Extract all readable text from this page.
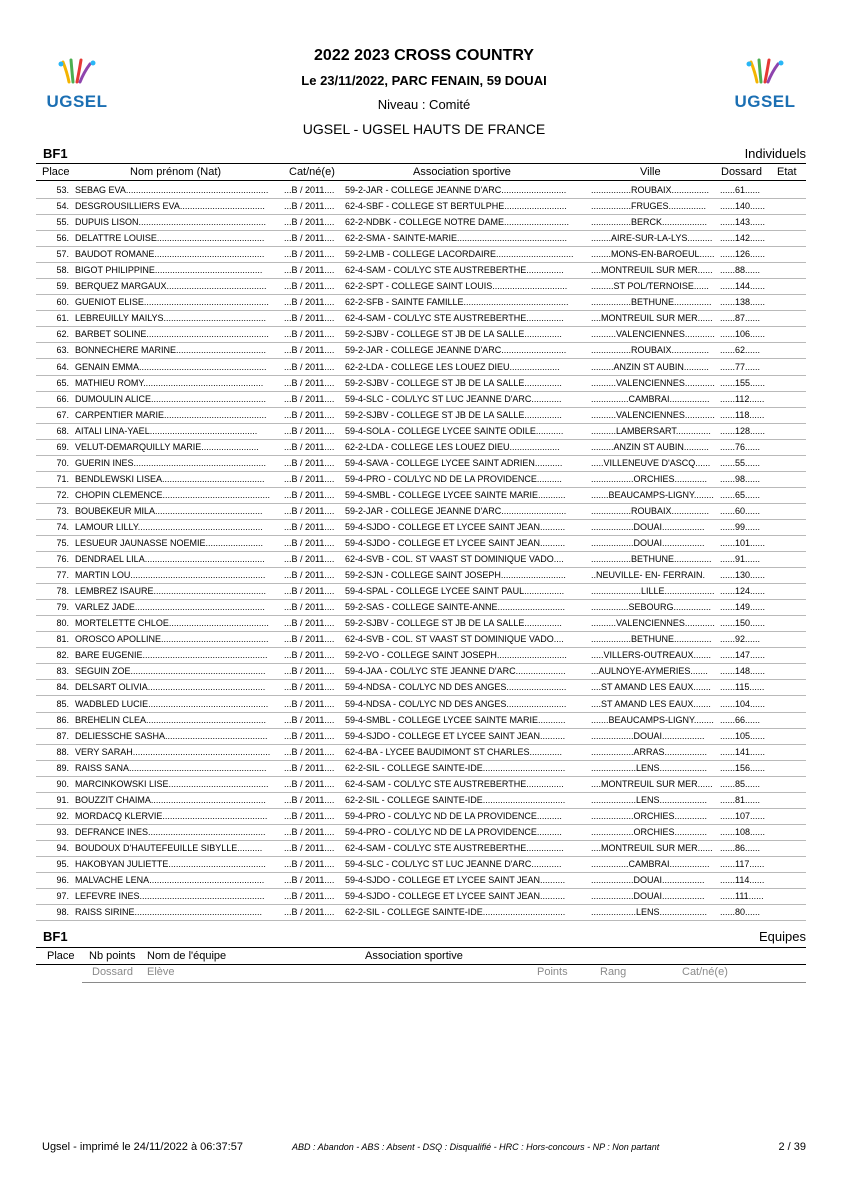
UGSEL	UGSEL
2022 2023 CROSS COUNTRY
Le 23/11/2022, PARC FENAIN, 59 DOUAI
Niveau : Comité
UGSEL - UGSEL HAUTS DE FRANCE
BF1	Individuels
Place	Nom prénom (Nat)	Cat/né(e)	Association sportive	Ville	Dossard Etat
53. SEBAG EVA.........................................................	...B / 2011....	59-2-JAR - COLLEGE JEANNE D'ARC..........................	................ROUBAIX...............	......61......
54. DESGROUSILLIERS EVA..................................	...B / 2011....	62-4-SBF - COLLEGE ST BERTULPHE.........................	................FRUGES...............	......140......
55. DUPUIS LISON...................................................	...B / 2011....	62-2-NDBK - COLLEGE NOTRE DAME..........................	................BERCK..................	......143......
56. DELATTRE LOUISE...........................................	...B / 2011....	62-2-SMA - SAINTE-MARIE............................................	........AIRE-SUR-LA-LYS.......... ......142......
57. BAUDOT ROMANE............................................	...B / 2011....	59-2-LMB - COLLEGE LACORDAIRE...............................	........MONS-EN-BAROEUL...... ......126......
58. BIGOT PHILIPPINE...........................................	...B / 2011....	62-4-SAM - COL/LYC STE AUSTREBERTHE...............	....MONTREUIL SUR MER...... ......88......
59. BERQUEZ MARGAUX........................................	...B / 2011....	62-2-SPT - COLLEGE SAINT LOUIS..............................	.........ST POL/TERNOISE......	......144......
60. GUENIOT ELISE..................................................	...B / 2011....	62-2-SFB - SAINTE FAMILLE..........................................	................BETHUNE............... ......138......
61. LEBREUILLY MAILYS.........................................	...B / 2011....	62-4-SAM - COL/LYC STE AUSTREBERTHE...............	....MONTREUIL SUR MER...... ......87......
62. BARBET SOLINE.................................................	...B / 2011....	59-2-SJBV - COLLEGE ST JB DE LA SALLE...............	..........VALENCIENNES............ ......106......
63. BONNECHERE MARINE....................................	...B / 2011....	59-2-JAR - COLLEGE JEANNE D'ARC..........................	................ROUBAIX...............	......62......
64. GENAIN EMMA...................................................	...B / 2011....	62-2-LDA - COLLEGE LES LOUEZ DIEU....................	.........ANZIN ST AUBIN..........	......77......
65. MATHIEU ROMY................................................	...B / 2011....	59-2-SJBV - COLLEGE ST JB DE LA SALLE...............	..........VALENCIENNES............ ......155......
66. DUMOULIN ALICE..............................................	...B / 2011....	59-4-SLC - COL/LYC ST LUC JEANNE D'ARC............	...............CAMBRAI................	......112......
67. CARPENTIER MARIE.........................................	...B / 2011....	59-2-SJBV - COLLEGE ST JB DE LA SALLE...............	..........VALENCIENNES............ ......118......
68. AITALI LINA-YAEL...........................................	...B / 2011....	59-4-SOLA - COLLEGE LYCEE SAINTE ODILE...........	..........LAMBERSART..............	......128......
69. VELUT-DEMARQUILLY MARIE.......................	...B / 2011....	62-2-LDA - COLLEGE LES LOUEZ DIEU....................	.........ANZIN ST AUBIN..........	......76......
70. GUERIN INES.....................................................	...B / 2011....	59-4-SAVA - COLLEGE LYCEE SAINT ADRIEN...........	.....VILLENEUVE D'ASCQ......	......55......
71. BENDLEWSKI LISEA.........................................	...B / 2011....	59-4-PRO - COL/LYC ND DE LA PROVIDENCE..........	.................ORCHIES.............	......98......
72. CHOPIN CLEMENCE...........................................	...B / 2011....	59-4-SMBL - COLLEGE LYCEE SAINTE MARIE...........	.......BEAUCAMPS-LIGNY........ ......65......
73. BOUBEKEUR MILA...........................................	...B / 2011....	59-2-JAR - COLLEGE JEANNE D'ARC..........................	................ROUBAIX...............	......60......
74. LAMOUR LILLY..................................................	...B / 2011....	59-4-SJDO - COLLEGE ET LYCEE SAINT JEAN..........	.................DOUAI.................	......99......
75. LESUEUR JAUNASSE NOEMIE.......................	...B / 2011....	59-4-SJDO - COLLEGE ET LYCEE SAINT JEAN..........	.................DOUAI.................	......101......
76. DENDRAEL LILA................................................	...B / 2011....	62-4-SVB - COL. ST VAAST ST DOMINIQUE VADO....	................BETHUNE............... ......91......
77. MARTIN LOU......................................................	...B / 2011....	59-2-SJN - COLLEGE SAINT JOSEPH..........................	..NEUVILLE- EN- FERRAIN.	......130......
78. LEMBREZ ISAURE.............................................	...B / 2011....	59-4-SPAL - COLLEGE LYCEE SAINT PAUL................	....................LILLE.................... ......124......
79. VARLEZ JADE....................................................	...B / 2011....	59-2-SAS - COLLEGE SAINTE-ANNE...........................	...............SEBOURG............... ......149......
80. MORTELETTE CHLOE........................................	...B / 2011....	59-2-SJBV - COLLEGE ST JB DE LA SALLE...............	..........VALENCIENNES............ ......150......
81. OROSCO APOLLINE...........................................	...B / 2011....	62-4-SVB - COL. ST VAAST ST DOMINIQUE VADO....	................BETHUNE............... ......92......
82. BARE EUGENIE..................................................	...B / 2011....	59-2-VO - COLLEGE SAINT JOSEPH............................	.....VILLERS-OUTREAUX....... ......147......
83. SEGUIN ZOE......................................................	...B / 2011....	59-4-JAA - COL/LYC STE JEANNE D'ARC....................	...AULNOYE-AYMERIES.......	......148......
84. DELSART OLIVIA...............................................	...B / 2011....	59-4-NDSA - COL/LYC ND DES ANGES........................	....ST AMAND LES EAUX.......	......115......
85. WADBLED LUCIE................................................	...B / 2011....	59-4-NDSA - COL/LYC ND DES ANGES........................	....ST AMAND LES EAUX.......	......104......
86. BREHELIN CLEA................................................	...B / 2011....	59-4-SMBL - COLLEGE LYCEE SAINTE MARIE...........	.......BEAUCAMPS-LIGNY........ ......66......
87. DELIESSCHE SASHA.........................................	...B / 2011....	59-4-SJDO - COLLEGE ET LYCEE SAINT JEAN..........	.................DOUAI.................	......105......
88. VERY SARAH.......................................................	...B / 2011....	62-4-BA - LYCEE BAUDIMONT ST CHARLES.............	.................ARRAS.................	......141......
89. RAISS SANA.......................................................	...B / 2011....	62-2-SIL - COLLEGE SAINTE-IDE.................................	..................LENS...................	......156......
90. MARCINKOWSKI LISE........................................	...B / 2011....	62-4-SAM - COL/LYC STE AUSTREBERTHE...............	....MONTREUIL SUR MER...... ......85......
91. BOUZZIT CHAIMA..............................................	...B / 2011....	62-2-SIL - COLLEGE SAINTE-IDE.................................	..................LENS...................	......81......
92. MORDACQ KLERVIE..........................................	...B / 2011....	59-4-PRO - COL/LYC ND DE LA PROVIDENCE..........	.................ORCHIES.............	......107......
93. DEFRANCE INES...............................................	...B / 2011....	59-4-PRO - COL/LYC ND DE LA PROVIDENCE..........	.................ORCHIES.............	......108......
94. BOUDOUX D'HAUTEFEUILLE SIBYLLE..........	...B / 2011....	62-4-SAM - COL/LYC STE AUSTREBERTHE...............	....MONTREUIL SUR MER...... ......86......
95. HAKOBYAN JULIETTE.......................................	...B / 2011....	59-4-SLC - COL/LYC ST LUC JEANNE D'ARC............	...............CAMBRAI................	......117......
96. MALVACHE LENA..............................................	...B / 2011....	59-4-SJDO - COLLEGE ET LYCEE SAINT JEAN..........	.................DOUAI.................	......114......
97. LEFEVRE INES..................................................	...B / 2011....	59-4-SJDO - COLLEGE ET LYCEE SAINT JEAN..........	.................DOUAI.................	......111......
98. RAISS SIRINE...................................................	...B / 2011....	62-2-SIL - COLLEGE SAINTE-IDE.................................	..................LENS...................	......80......
BF1	Equipes
Place Nb points Nom de l'équipe	Association sportive
Dossard Elève	Points	Rang	Cat/né(e)
Ugsel - imprimé le 24/11/2022 à 06:37:57	ABD : Abandon - ABS : Absent - DSQ : Disqualifié - HRC : Hors-concours - NP : Non partant	2 / 39
